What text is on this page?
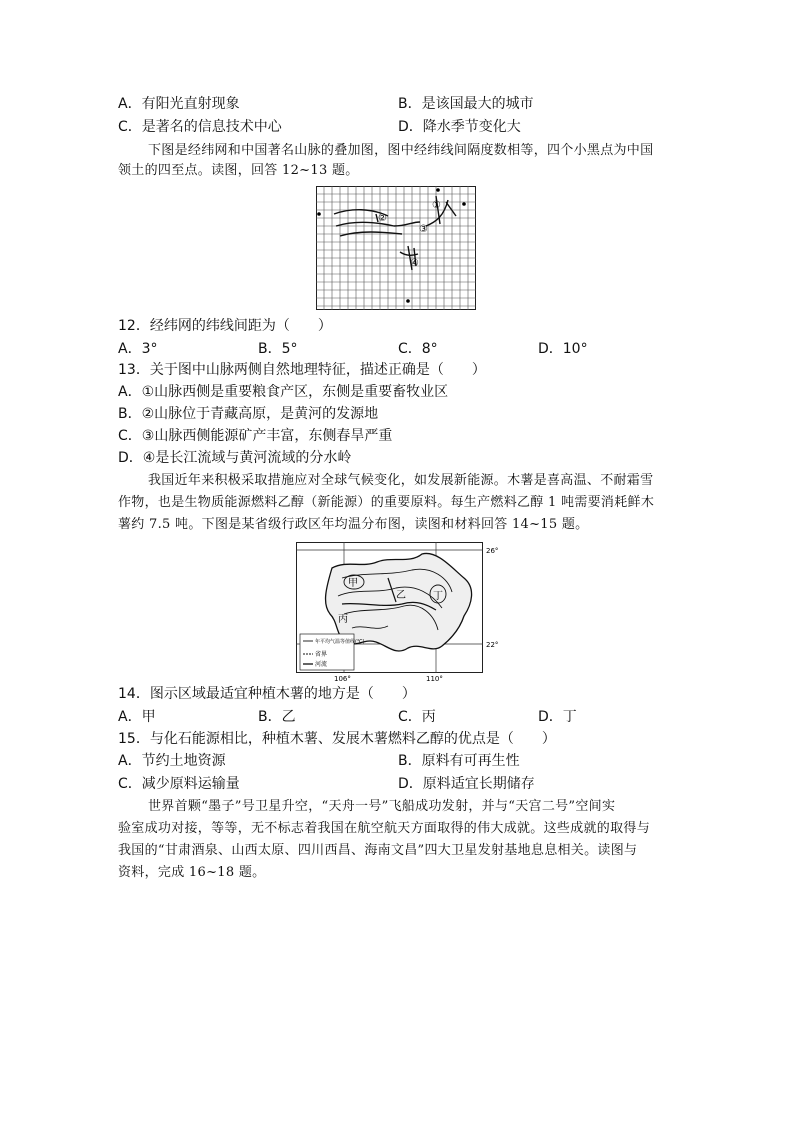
A．有阳光直射现象	B．是该国最大的城市
C．是著名的信息技术中心	D．降水季节变化大
下图是经纬网和中国著名山脉的叠加图，图中经纬线间隔度数相等，四个小黑点为中国
领土的四至点。读图，回答 12~13 题。
①
②
③
④
12．经纬网的纬线间距为（　　）
A．3°	B．5°	C．8°	D．10°
13．关于图中山脉两侧自然地理特征，描述正确是（　　）
A．①山脉西侧是重要粮食产区，东侧是重要畜牧业区
B．②山脉位于青藏高原，是黄河的发源地
C．③山脉西侧能源矿产丰富，东侧春旱严重
D．④是长江流域与黄河流域的分水岭
我国近年来积极采取措施应对全球气候变化，如发展新能源。木薯是喜高温、不耐霜雪
作物，也是生物质能源燃料乙醇（新能源）的重要原料。每生产燃料乙醇 1 吨需要消耗鲜木
薯约 7.5 吨。下图是某省级行政区年均温分布图，读图和材料回答 14~15 题。
甲
乙
丙
丁
26°
22°
106°	110°
年平均气温等值线(℃)
省界
河流
14．图示区域最适宜种植木薯的地方是（　　）
A．甲	B．乙	C．丙	D．丁
15．与化石能源相比，种植木薯、发展木薯燃料乙醇的优点是（　　）
A．节约土地资源	B．原料有可再生性
C．减少原料运输量	D．原料适宜长期储存
世界首颗“墨子”号卫星升空，“天舟一号”飞船成功发射，并与“天宫二号”空间实
验室成功对接，等等，无不标志着我国在航空航天方面取得的伟大成就。这些成就的取得与
我国的“甘肃酒泉、山西太原、四川西昌、海南文昌”四大卫星发射基地息息相关。读图与
资料，完成 16~18 题。
